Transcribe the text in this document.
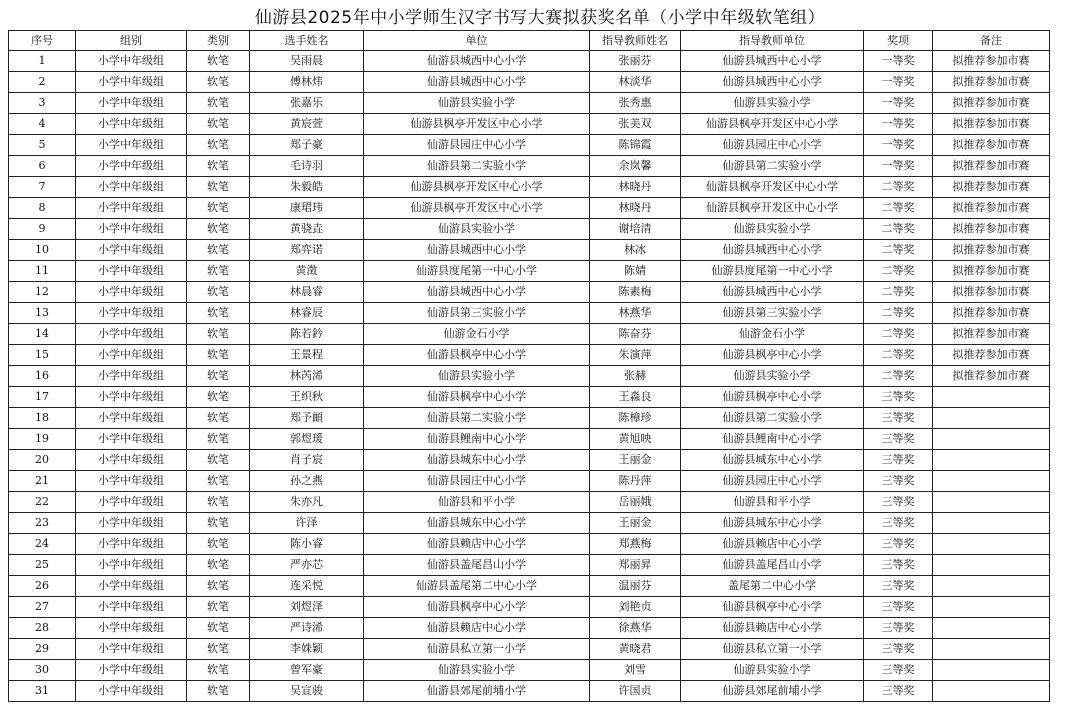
仙游县2025年中小学师生汉字书写大赛拟获奖名单（小学中年级软笔组）
序号	组别	类别	选手姓名	单位	指导教师姓名	指导教师单位	奖项	备注
1	小学中年级组	软笔	吴雨晨	仙游县城西中心小学	张丽芬	仙游县城西中心小学	一等奖	拟推荐参加市赛
2	小学中年级组	软笔	傅林炜	仙游县城西中心小学	林淡华	仙游县城西中心小学	一等奖	拟推荐参加市赛
3	小学中年级组	软笔	张嘉乐	仙游县实验小学	张秀惠	仙游县实验小学	一等奖	拟推荐参加市赛
4	小学中年级组	软笔	黄宸萱	仙游县枫亭开发区中心小学	张美双	仙游县枫亭开发区中心小学	一等奖	拟推荐参加市赛
5	小学中年级组	软笔	郑子豪	仙游县园庄中心小学	陈锦霞	仙游县园庄中心小学	一等奖	拟推荐参加市赛
6	小学中年级组	软笔	毛诗羽	仙游县第二实验小学	余岚馨	仙游县第二实验小学	一等奖	拟推荐参加市赛
7	小学中年级组	软笔	朱毅皓	仙游县枫亭开发区中心小学	林晓丹	仙游县枫亭开发区中心小学	二等奖	拟推荐参加市赛
8	小学中年级组	软笔	康珺玮	仙游县枫亭开发区中心小学	林晓丹	仙游县枫亭开发区中心小学	二等奖	拟推荐参加市赛
9	小学中年级组	软笔	黄骁垚	仙游县实验小学	谢培清	仙游县实验小学	二等奖	拟推荐参加市赛
10	小学中年级组	软笔	郑弈诺	仙游县城西中心小学	林冰	仙游县城西中心小学	二等奖	拟推荐参加市赛
11	小学中年级组	软笔	黄澂	仙游县度尾第一中心小学	陈婧	仙游县度尾第一中心小学	二等奖	拟推荐参加市赛
12	小学中年级组	软笔	林晨睿	仙游县城西中心小学	陈素梅	仙游县城西中心小学	二等奖	拟推荐参加市赛
13	小学中年级组	软笔	林睿辰	仙游县第三实验小学	林燕华	仙游县第三实验小学	二等奖	拟推荐参加市赛
14	小学中年级组	软笔	陈若鈐	仙游金石小学	陈奋芬	仙游金石小学	二等奖	拟推荐参加市赛
15	小学中年级组	软笔	王景程	仙游县枫亭中心小学	朱演萍	仙游县枫亭中心小学	二等奖	拟推荐参加市赛
16	小学中年级组	软笔	林芮浠	仙游县实验小学	张赫	仙游县实验小学	二等奖	拟推荐参加市赛
17	小学中年级组	软笔	王织秋	仙游县枫亭中心小学	王淼良	仙游县枫亭中心小学	三等奖	
18	小学中年级组	软笔	郑予頔	仙游县第二实验小学	陈樟珍	仙游县第二实验小学	三等奖	
19	小学中年级组	软笔	郭煜瑗	仙游县鲤南中心小学	黄旭映	仙游县鲤南中心小学	三等奖	
20	小学中年级组	软笔	肖子宸	仙游县城东中心小学	王丽金	仙游县城东中心小学	三等奖	
21	小学中年级组	软笔	孙之燕	仙游县园庄中心小学	陈丹萍	仙游县园庄中心小学	三等奖	
22	小学中年级组	软笔	朱亦凡	仙游县和平小学	岳丽娥	仙游县和平小学	三等奖	
23	小学中年级组	软笔	许泽	仙游县城东中心小学	王丽金	仙游县城东中心小学	三等奖	
24	小学中年级组	软笔	陈小睿	仙游县赖店中心小学	郑燕梅	仙游县赖店中心小学	三等奖	
25	小学中年级组	软笔	严亦芯	仙游县盖尾昌山小学	郑丽昇	仙游县盖尾昌山小学	三等奖	
26	小学中年级组	软笔	连采悦	仙游县盖尾第二中心小学	温丽芬	盖尾第二中心小学	三等奖	
27	小学中年级组	软笔	刘煜泽	仙游县枫亭中心小学	刘艳贞	仙游县枫亭中心小学	三等奖	
28	小学中年级组	软笔	严诗浠	仙游县赖店中心小学	徐燕华	仙游县赖店中心小学	三等奖	
29	小学中年级组	软笔	李姝颖	仙游县私立第一小学	黄晓君	仙游县私立第一小学	三等奖	
30	小学中年级组	软笔	曾军豪	仙游县实验小学	刘雪	仙游县实验小学	三等奖	
31	小学中年级组	软笔	吴宣骏	仙游县郊尾前埔小学	许国贞	仙游县郊尾前埔小学	三等奖	
